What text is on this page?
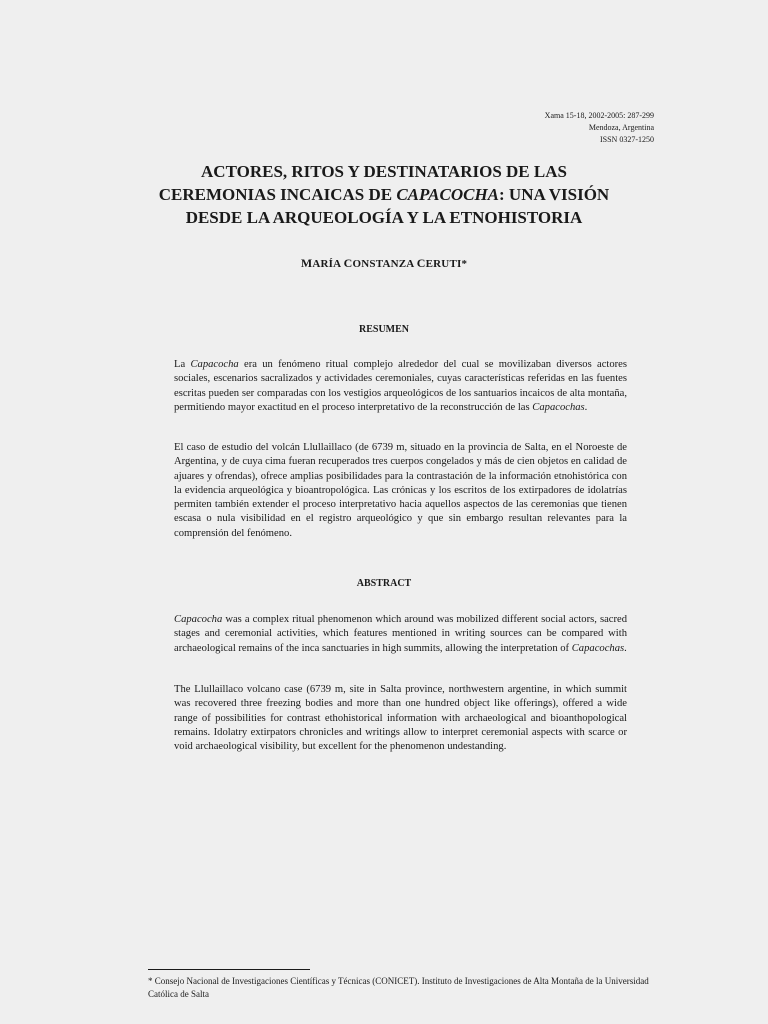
Xama 15-18, 2002-2005: 287-299
Mendoza, Argentina
ISSN 0327-1250
ACTORES, RITOS Y DESTINATARIOS DE LAS
CEREMONIAS INCAICAS DE CAPACOCHA: UNA VISIÓN
DESDE LA ARQUEOLOGÍA Y LA ETNOHISTORIA
MARÍA CONSTANZA CERUTI*
RESUMEN
La Capacocha era un fenómeno ritual complejo alrededor del cual se movilizaban diversos actores sociales, escenarios sacralizados y actividades ceremoniales, cuyas características referidas en las fuentes escritas pueden ser comparadas con los vestigios arqueológicos de los santuarios incaicos de alta montaña, permitiendo mayor exactitud en el proceso interpretativo de la reconstrucción de las Capacochas.
El caso de estudio del volcán Llullaillaco (de 6739 m, situado en la provincia de Salta, en el Noroeste de Argentina, y de cuya cima fueran recuperados tres cuerpos congelados y más de cien objetos en calidad de ajuares y ofrendas), ofrece amplias posibilidades para la contrastación de la información etnohistórica con la evidencia arqueológica y bioantropológica. Las crónicas y los escritos de los extirpadores de idolatrías permiten también extender el proceso interpretativo hacia aquellos aspectos de las ceremonias que tienen escasa o nula visibilidad en el registro arqueológico y que sin embargo resultan relevantes para la comprensión del fenómeno.
ABSTRACT
Capacocha was a complex ritual phenomenon which around was mobilized different social actors, sacred stages and ceremonial activities, which features mentioned in writing sources can be compared with archaeological remains of the inca sanctuaries in high summits, allowing the interpretation of Capacochas.
The Llullaillaco volcano case (6739 m, site in Salta province, northwestern argentine, in which summit was recovered three freezing bodies and more than one hundred object like offerings), offered a wide range of possibilities for contrast ethohistorical information with archaeological and bioanthopological remains. Idolatry extirpators chronicles and writings allow to interpret ceremonial aspects with scarce or void archaeological visibility, but excellent for the phenomenon undestanding.
* Consejo Nacional de Investigaciones Científicas y Técnicas (CONICET). Instituto de Investigaciones de Alta Montaña de la Universidad Católica de Salta
